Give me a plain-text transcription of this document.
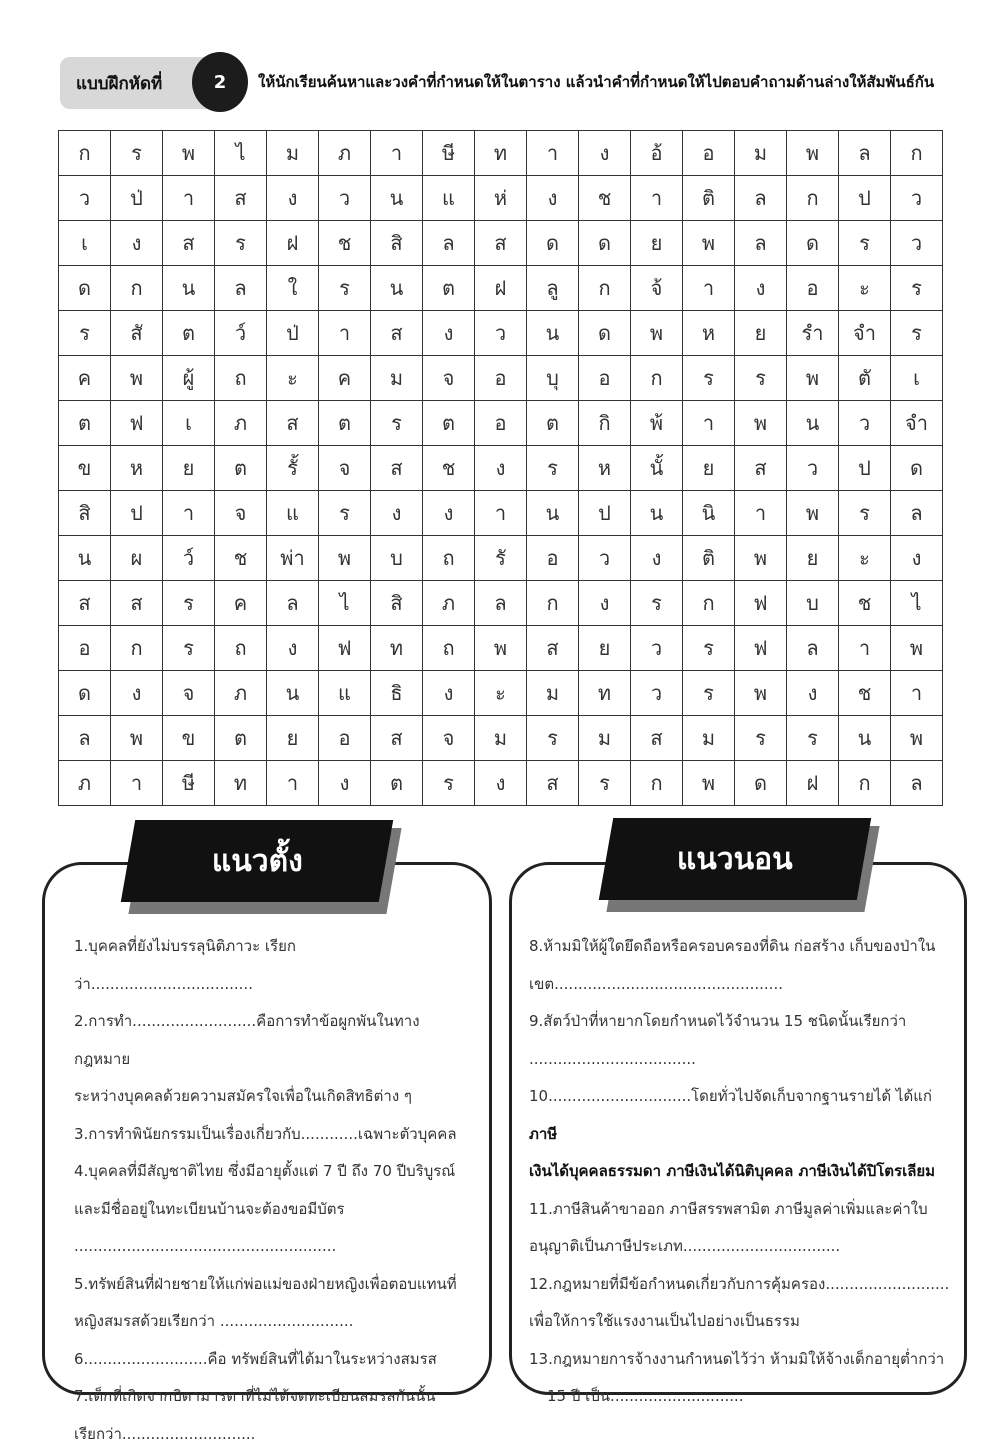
แบบฝึกหัดที่	2 ให้นักเรียนค้นหาและวงคำที่กำหนดให้ในตาราง แล้วนำคำที่กำหนดให้ไปตอบคำถามด้านล่างให้สัมพันธ์กัน
ก	ร	พ	ไ	ม	ภ	า	ษี	ท	า	ง	อ้	อ	ม	พ	ล	ก
ว	ป่	า	ส	ง	ว	น	แ	ห่	ง	ช	า	ติ	ล	ก	ป	ว
เ	ง	ส	ร	ฝ	ช	สิ	ล	ส	ด	ด	ย	พ	ล	ด	ร	ว
ด	ก	น	ล	ใ	ร	น	ต	ฝ	ลู	ก	จ้	า	ง	อ	ะ	ร
ร	สั	ต	ว์	ป่	า	ส	ง	ว	น	ด	พ	ห	ย	รำ	จำ	ร
ค	พ	ผู้	ถ	ะ	ค	ม	จ	อ	บุ	อ	ก	ร	ร	พ	ตั	เ
ต	ฟ	เ	ภ	ส	ต	ร	ต	อ	ต	กิ	พ้	า	พ	น	ว	จำ
ข	ห	ย	ต	รั้	จ	ส	ช	ง	ร	ห	นั้	ย	ส	ว	ป	ด
สิ	ป	า	จ	แ	ร	ง	ง	า	น	ป	น	นิ	า	พ	ร	ล
น	ผ	ว์	ช	พ่า	พ	บ	ถ	รั	อ	ว	ง	ติ	พ	ย	ะ	ง
ส	ส	ร	ค	ล	ไ	สิ	ภ	ล	ก	ง	ร	ก	ฟ	บ	ช	ไ
อ	ก	ร	ถ	ง	ฟ	ท	ถ	พ	ส	ย	ว	ร	ฟ	ล	า	พ
ด	ง	จ	ภ	น	แ	ธิ	ง	ะ	ม	ท	ว	ร	พ	ง	ช	า
ล	พ	ข	ต	ย	อ	ส	จ	ม	ร	ม	ส	ม	ร	ร	น	พ
ภ	า	ษี	ท	า	ง	ต	ร	ง	ส	ร	ก	พ	ด	ฝ	ก	ล
แนวตั้ง

1.บุคคลที่ยังไม่บรรลุนิติภาวะ เรียกว่า..................................

2.การทำ..........................คือการทำข้อผูกพันในทางกฎหมาย

ระหว่างบุคคลด้วยความสมัครใจเพื่อในเกิดสิทธิต่าง ๆ

3.การทำพินัยกรรมเป็นเรื่องเกี่ยวกับ............เฉพาะตัวบุคคล

4.บุคคลที่มีสัญชาติไทย ซึ่งมีอายุตั้งแต่ 7 ปี ถึง 70 ปีบริบูรณ์

และมีชื่ออยู่ในทะเบียนบ้านจะต้องขอมีบัตร

.......................................................

5.ทรัพย์สินที่ฝ่ายชายให้แก่พ่อแม่ของฝ่ายหญิงเพื่อตอบแทนที่

หญิงสมรสด้วยเรียกว่า ............................

6..........................คือ ทรัพย์สินที่ได้มาในระหว่างสมรส

7.เด็กที่เกิดจากบิดามารดาที่ไม่ได้จดทะเบียนสมรสกันนั้น

เรียกว่า............................

แนวนอน

8.ห้ามมิให้ผู้ใดยึดถือหรือครอบครองที่ดิน ก่อสร้าง เก็บของป่าใน

เขต................................................

9.สัตว์ป่าที่หายากโดยกำหนดไว้จำนวน 15 ชนิดนั้นเรียกว่า

...................................

10..............................โดยทั่วไปจัดเก็บจากฐานรายได้ ได้แก่ ภาษี

เงินได้บุคคลธรรมดา ภาษีเงินได้นิติบุคคล ภาษีเงินได้ปิโตรเลียม

11.ภาษีสินค้าขาออก ภาษีสรรพสามิต ภาษีมูลค่าเพิ่มและค่าใบ

อนุญาติเป็นภาษีประเภท.................................

12.กฎหมายที่มีข้อกำหนดเกี่ยวกับการคุ้มครอง..........................

เพื่อให้การใช้แรงงานเป็นไปอย่างเป็นธรรม

13.กฎหมายการจ้างงานกำหนดไว้ว่า ห้ามมิให้จ้างเด็กอายุต่ำกว่า

15 ปี เป็น............................
